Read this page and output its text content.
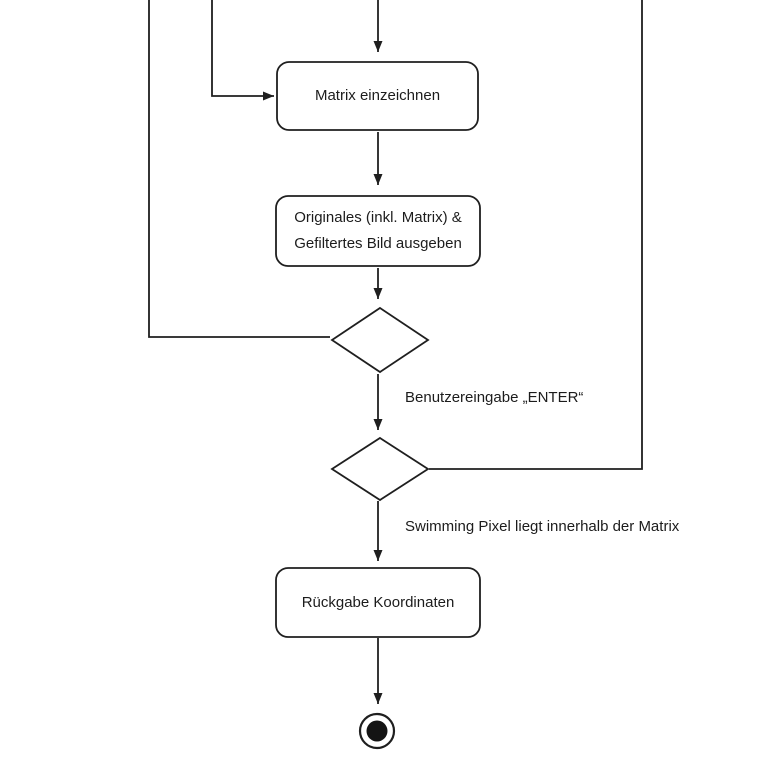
Matrix einzeichnen
Originales (inkl. Matrix) &
Gefiltertes Bild ausgeben
Rückgabe Koordinaten
Benutzereingabe „ENTER“
Swimming Pixel liegt innerhalb der Matrix
